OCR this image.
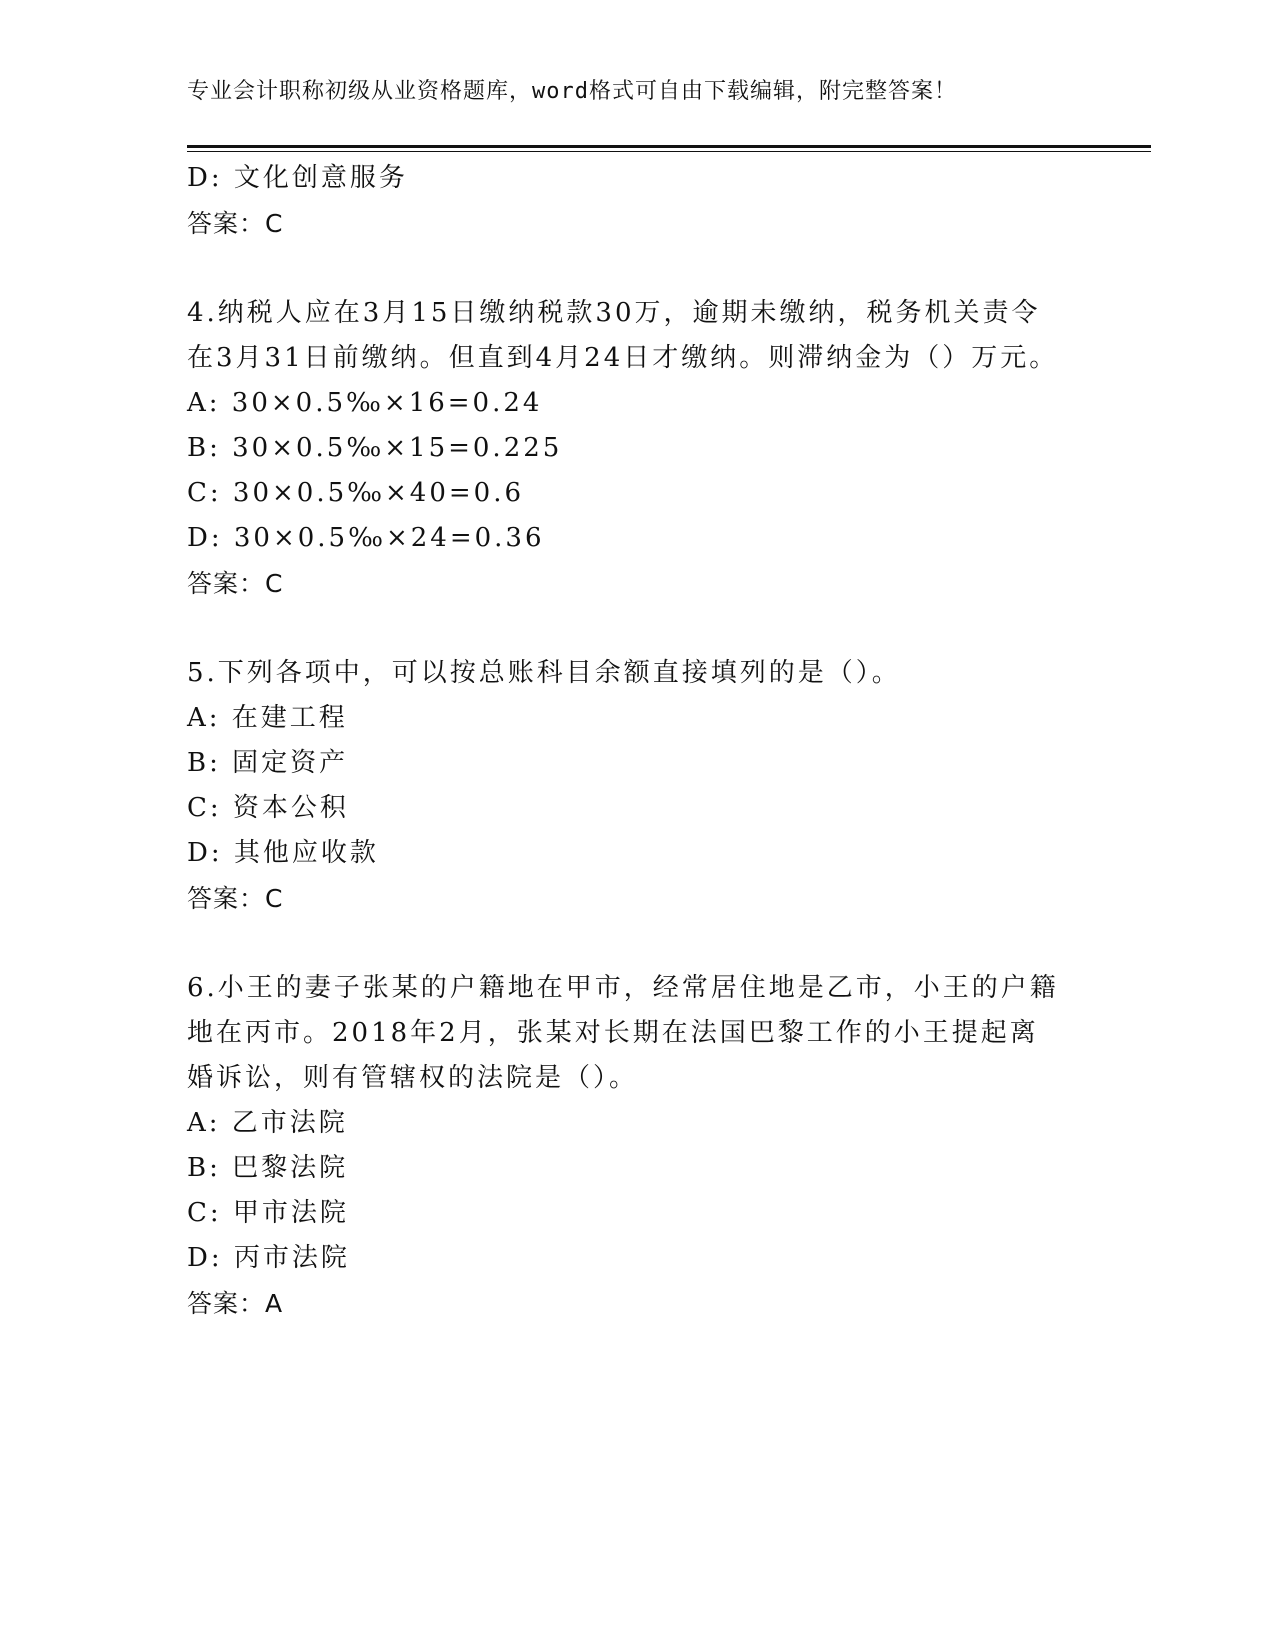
专业会计职称初级从业资格题库，word格式可自由下载编辑，附完整答案！
D: 文化创意服务
答案：C
4.纳税人应在3月15日缴纳税款30万，逾期未缴纳，税务机关责令在3月31日前缴纳。但直到4月24日才缴纳。则滞纳金为（）万元。
A: 30×0.5‰×16=0.24
B: 30×0.5‰×15=0.225
C: 30×0.5‰×40=0.6
D: 30×0.5‰×24=0.36
答案：C
5.下列各项中，可以按总账科目余额直接填列的是（）。
A: 在建工程
B: 固定资产
C: 资本公积
D: 其他应收款
答案：C
6.小王的妻子张某的户籍地在甲市，经常居住地是乙市，小王的户籍地在丙市。2018年2月，张某对长期在法国巴黎工作的小王提起离婚诉讼，则有管辖权的法院是（）。
A: 乙市法院
B: 巴黎法院
C: 甲市法院
D: 丙市法院
答案：A
